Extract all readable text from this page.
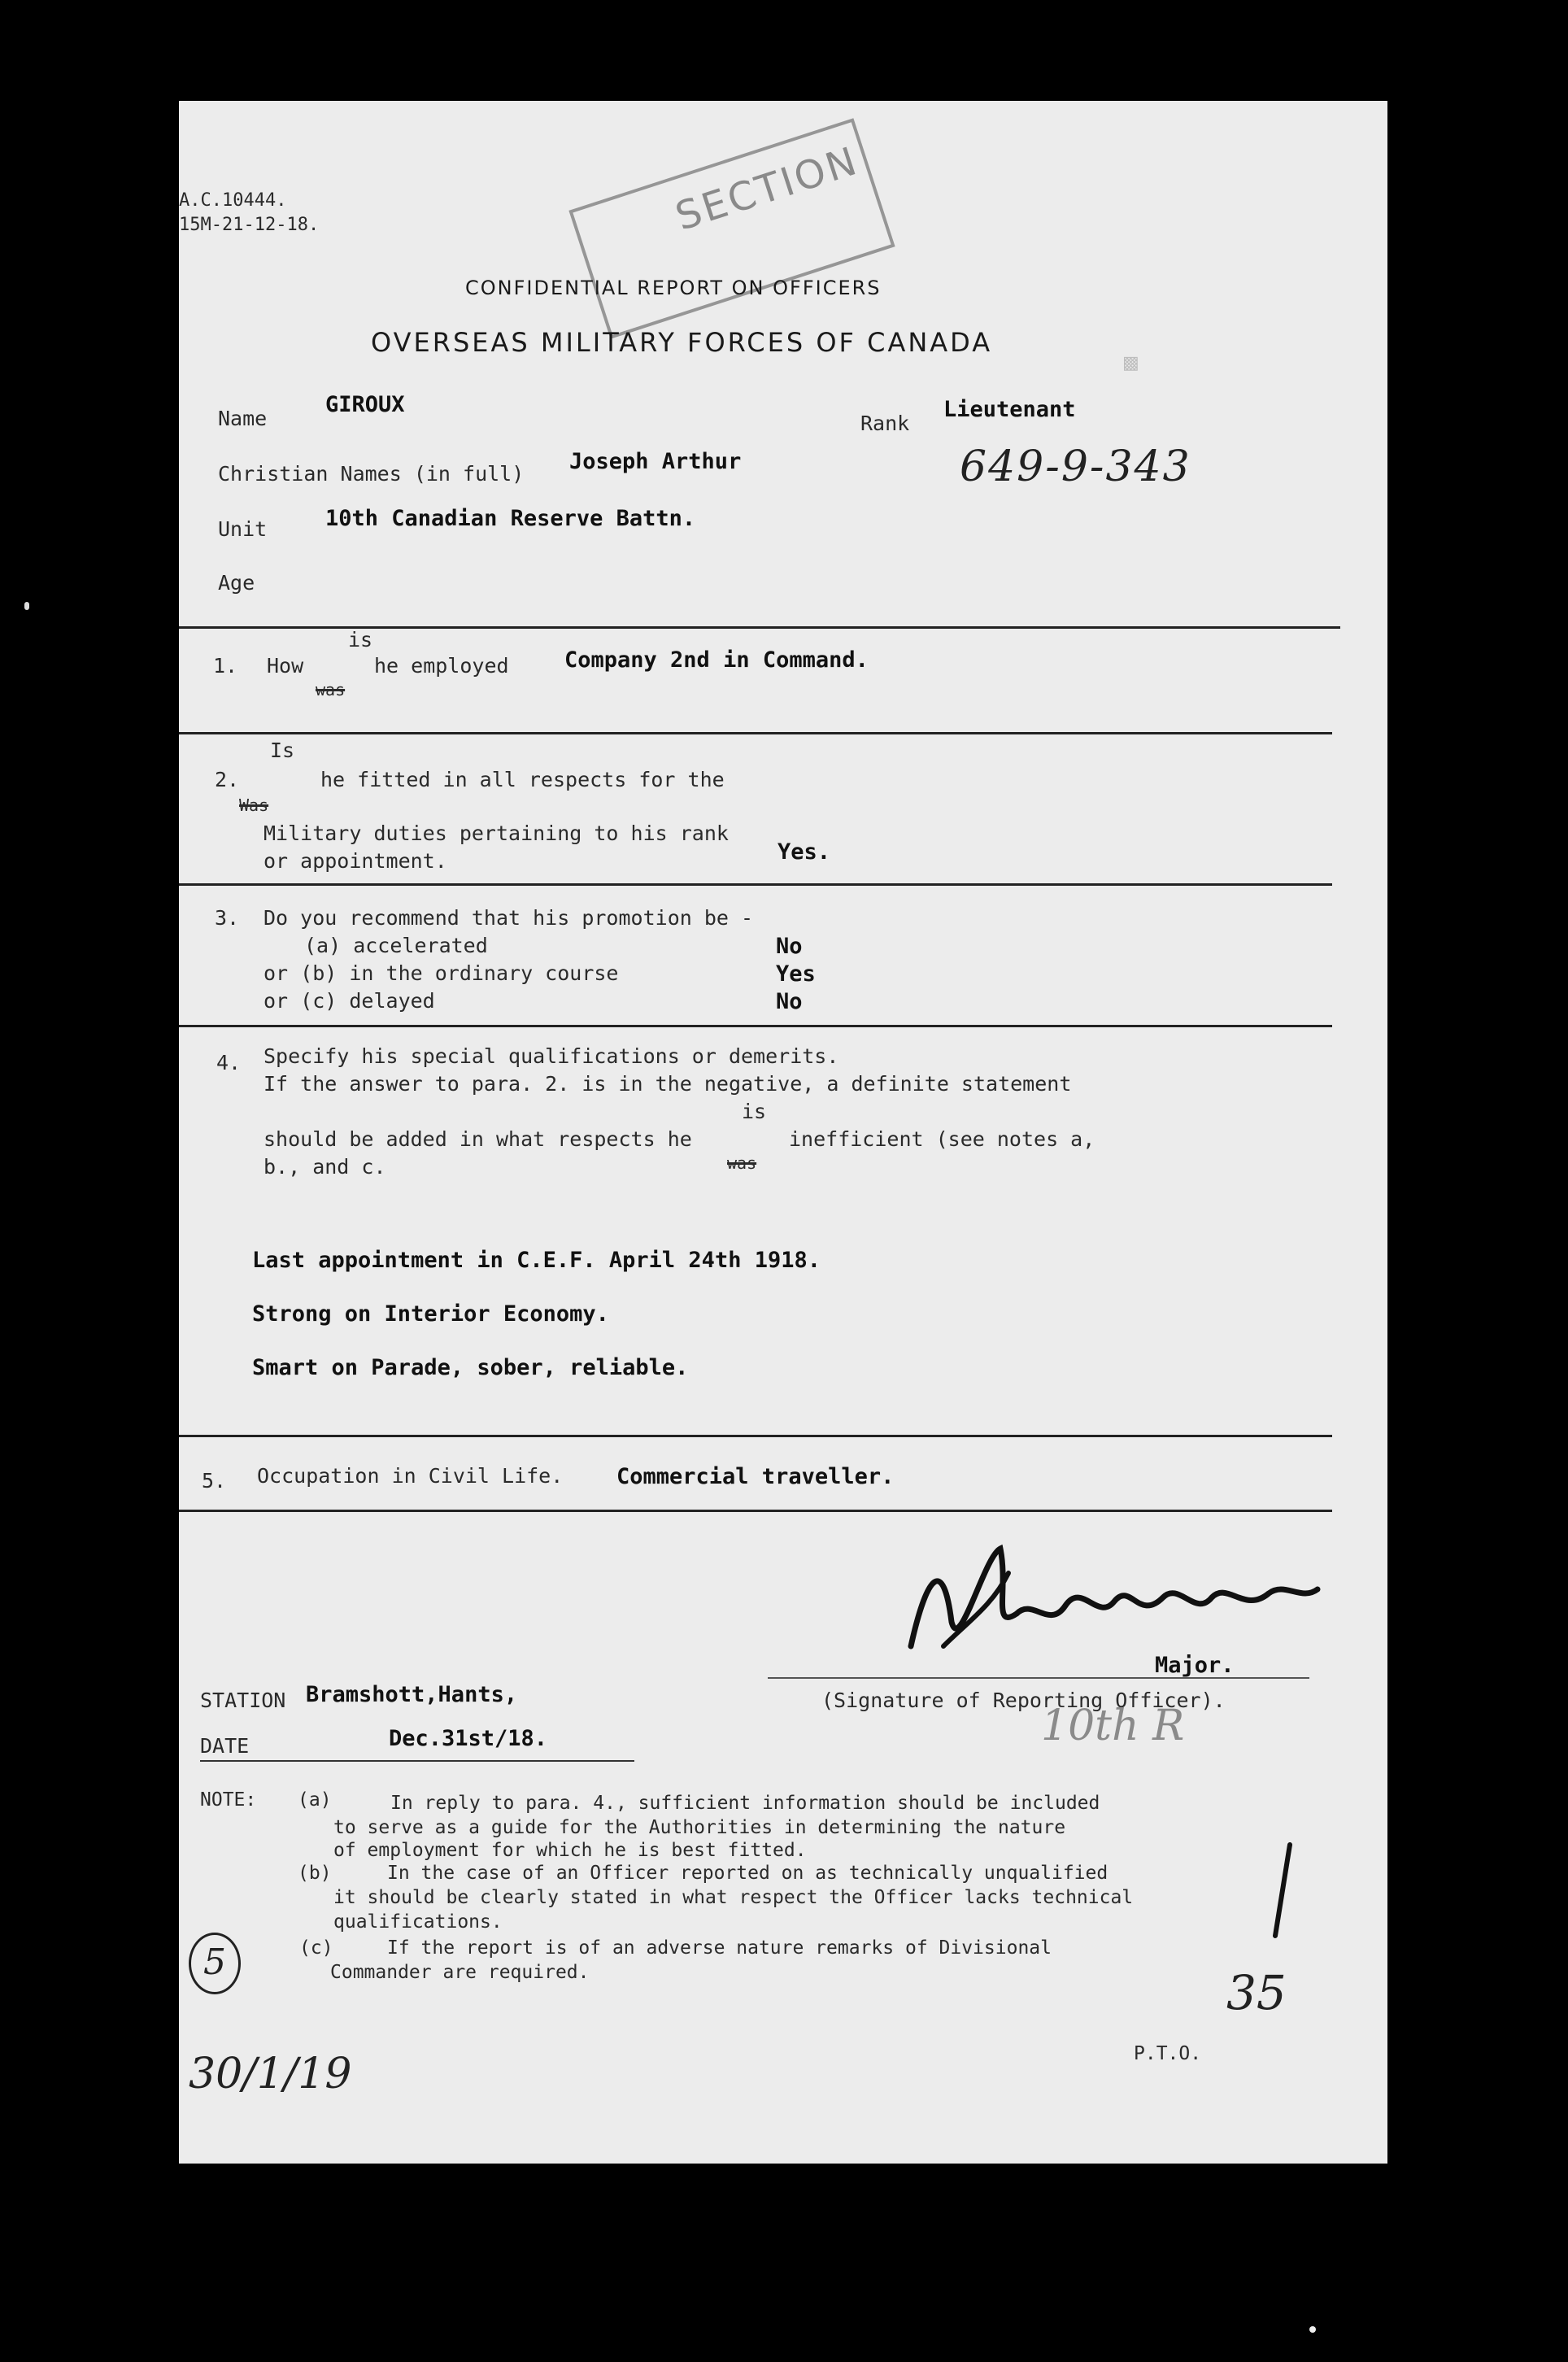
A.C.10444.
15M-21-12-18.	SECTION
▩
CONFIDENTIAL REPORT ON OFFICERS
OVERSEAS MILITARY FORCES OF CANADA
Name
GIROUX
Rank
Lieutenant
Christian Names (in full) Joseph Arthur	649-9-343
Unit	10th Canadian Reserve Battn.
Age
1.
is
How	he employed
was
Company 2nd in Command.
Is
2.	he fitted in all respects for the
Was
Military duties pertaining to his rank
or appointment.	Yes.
3. Do you recommend that his promotion be -
(a) accelerated	No
or (b) in the ordinary course	Yes
or (c) delayed	No
4. Specify his special qualifications or demerits.
If the answer to para. 2. is in the negative, a definite statement
is
should be added in what respects he	inefficient (see notes a,
was
b., and c.
Last appointment in C.E.F. April 24th 1918.
Strong on Interior Economy.
Smart on Parade, sober, reliable.
5. Occupation in Civil Life. Commercial traveller.
Major.
(Signature of Reporting Officer).
10th R
STATION Bramshott,Hants,
DATE	Dec.31st/18.
NOTE: (a)	In reply to para. 4., sufficient information should be included
to serve as a guide for the Authorities in determining the nature
of employment for which he is best fitted.
(b)	In the case of an Officer reported on as technically unqualified
it should be clearly stated in what respect the Officer lacks technical
qualifications.
(c)	If the report is of an adverse nature remarks of Divisional
Commander are required.
5
30/1/19
35
P.T.O.
